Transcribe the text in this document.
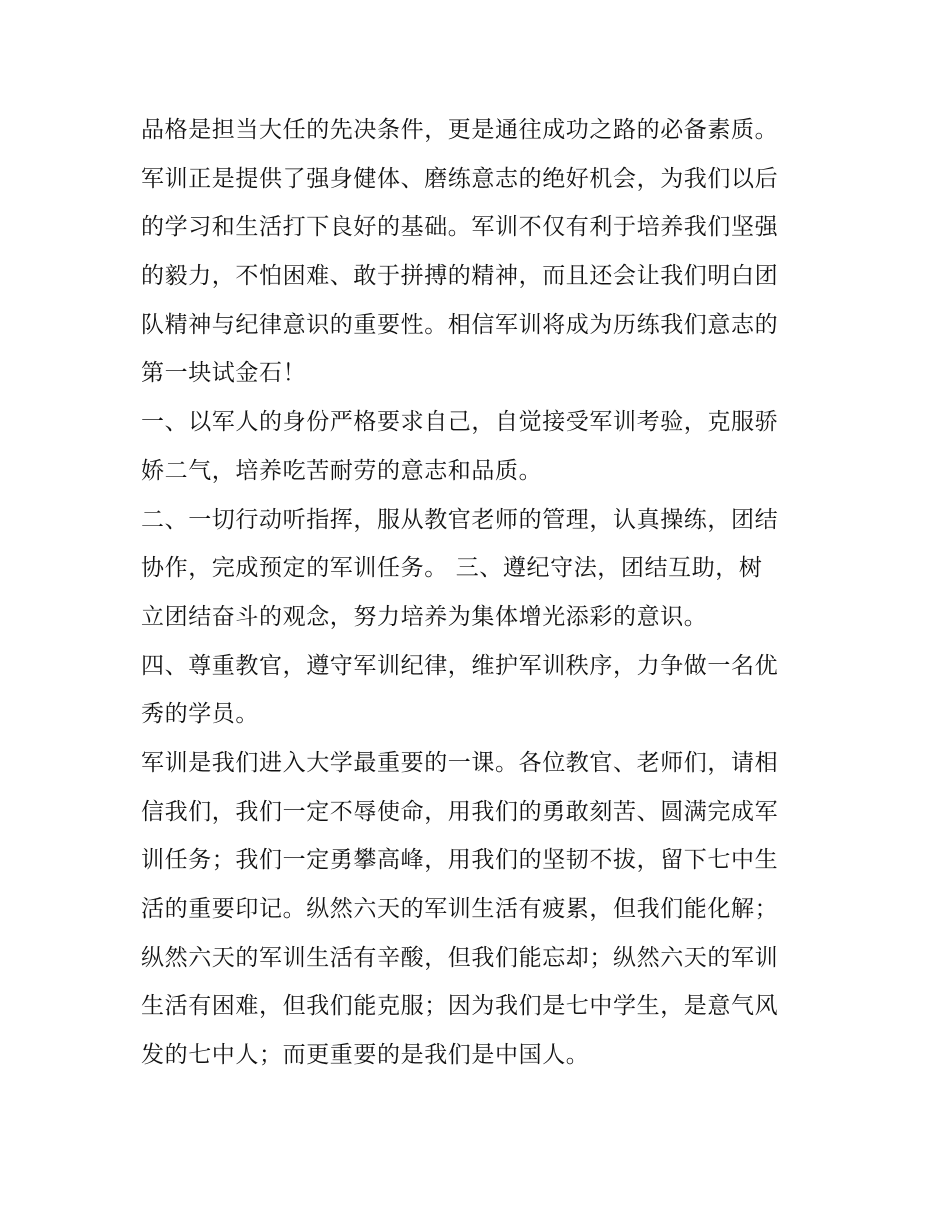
品格是担当大任的先决条件，更是通往成功之路的必备素质。
军训正是提供了强身健体、磨练意志的绝好机会，为我们以后
的学习和生活打下良好的基础。军训不仅有利于培养我们坚强
的毅力，不怕困难、敢于拼搏的精神，而且还会让我们明白团
队精神与纪律意识的重要性。相信军训将成为历练我们意志的
第一块试金石！
一、以军人的身份严格要求自己，自觉接受军训考验，克服骄
娇二气，培养吃苦耐劳的意志和品质。
二、一切行动听指挥，服从教官老师的管理，认真操练，团结
协作，完成预定的军训任务。 三、遵纪守法，团结互助，树
立团结奋斗的观念，努力培养为集体增光添彩的意识。
四、尊重教官，遵守军训纪律，维护军训秩序，力争做一名优
秀的学员。
军训是我们进入大学最重要的一课。各位教官、老师们，请相
信我们，我们一定不辱使命，用我们的勇敢刻苦、圆满完成军
训任务；我们一定勇攀高峰，用我们的坚韧不拔，留下七中生
活的重要印记。纵然六天的军训生活有疲累，但我们能化解；
纵然六天的军训生活有辛酸，但我们能忘却；纵然六天的军训
生活有困难，但我们能克服；因为我们是七中学生，是意气风
发的七中人；而更重要的是我们是中国人。
